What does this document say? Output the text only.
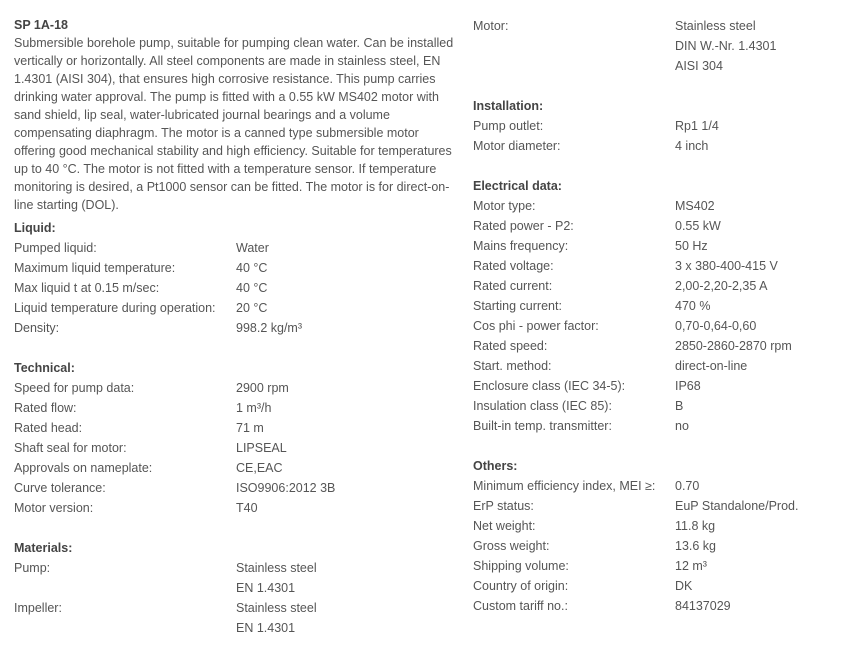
SP 1A-18
Submersible borehole pump, suitable for pumping clean water. Can be installed vertically or horizontally. All steel components are made in stainless steel, EN 1.4301 (AISI 304), that ensures high corrosive resistance. This pump carries drinking water approval. The pump is fitted with a 0.55 kW MS402 motor with sand shield, lip seal, water-lubricated journal bearings and a volume compensating diaphragm. The motor is a canned type submersible motor offering good mechanical stability and high efficiency. Suitable for temperatures up to 40 °C. The motor is not fitted with a temperature sensor. If temperature monitoring is desired, a Pt1000 sensor can be fitted. The motor is for direct-on-line starting (DOL).
Liquid:
Pumped liquid:	Water
Maximum liquid temperature:	40 °C
Max liquid t at 0.15 m/sec:	40 °C
Liquid temperature during operation:	20 °C
Density:	998.2 kg/m³
Technical:
Speed for pump data:	2900 rpm
Rated flow:	1 m³/h
Rated head:	71 m
Shaft seal for motor:	LIPSEAL
Approvals on nameplate:	CE,EAC
Curve tolerance:	ISO9906:2012 3B
Motor version:	T40
Materials:
Pump:	Stainless steel
EN 1.4301
Impeller:	Stainless steel
EN 1.4301
Motor:	Stainless steel
DIN W.-Nr. 1.4301
AISI 304
Installation:
Pump outlet:	Rp1 1/4
Motor diameter:	4 inch
Electrical data:
Motor type:	MS402
Rated power - P2:	0.55 kW
Mains frequency:	50 Hz
Rated voltage:	3 x 380-400-415 V
Rated current:	2,00-2,20-2,35 A
Starting current:	470 %
Cos phi - power factor:	0,70-0,64-0,60
Rated speed:	2850-2860-2870 rpm
Start. method:	direct-on-line
Enclosure class (IEC 34-5):	IP68
Insulation class (IEC 85):	B
Built-in temp. transmitter:	no
Others:
Minimum efficiency index, MEI ≥:	0.70
ErP status:	EuP Standalone/Prod.
Net weight:	11.8 kg
Gross weight:	13.6 kg
Shipping volume:	12 m³
Country of origin:	DK
Custom tariff no.:	84137029
